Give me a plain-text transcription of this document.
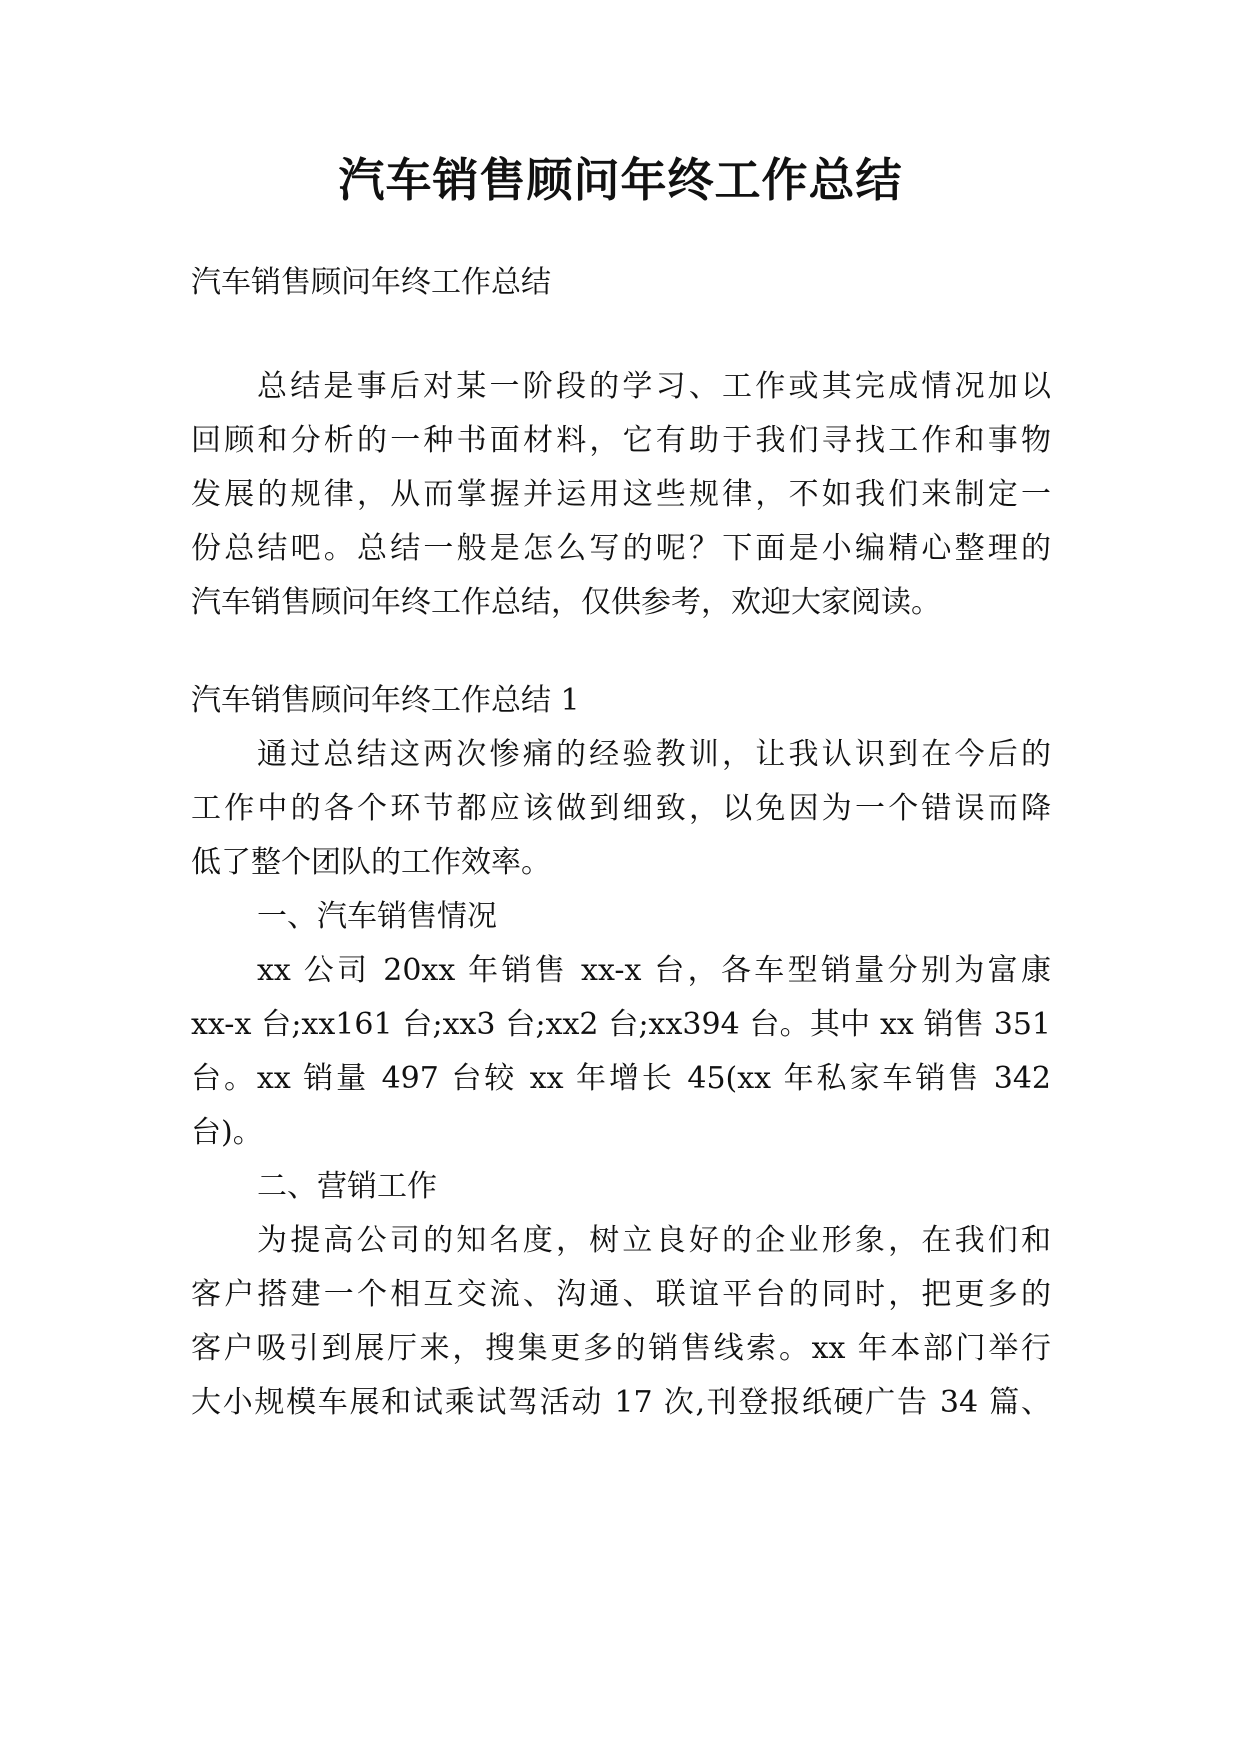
汽车销售顾问年终工作总结
汽车销售顾问年终工作总结
总结是事后对某一阶段的学习、工作或其完成情况加以
回顾和分析的一种书面材料，它有助于我们寻找工作和事物
发展的规律，从而掌握并运用这些规律，不如我们来制定一
份总结吧。总结一般是怎么写的呢？下面是小编精心整理的
汽车销售顾问年终工作总结，仅供参考，欢迎大家阅读。
汽车销售顾问年终工作总结 1
通过总结这两次惨痛的经验教训，让我认识到在今后的
工作中的各个环节都应该做到细致，以免因为一个错误而降
低了整个团队的工作效率。
一、汽车销售情况
xx 公司 20xx 年销售 xx-x 台，各车型销量分别为富康
xx-x 台;xx161 台;xx3 台;xx2 台;xx394 台。其中 xx 销售 351
台。xx 销量 497 台较 xx 年增长 45(xx 年私家车销售 342
台)。
二、营销工作
为提高公司的知名度，树立良好的企业形象，在我们和
客户搭建一个相互交流、沟通、联谊平台的同时，把更多的
客户吸引到展厅来，搜集更多的销售线索。xx 年本部门举行
大小规模车展和试乘试驾活动 17 次,刊登报纸硬广告 34 篇、
